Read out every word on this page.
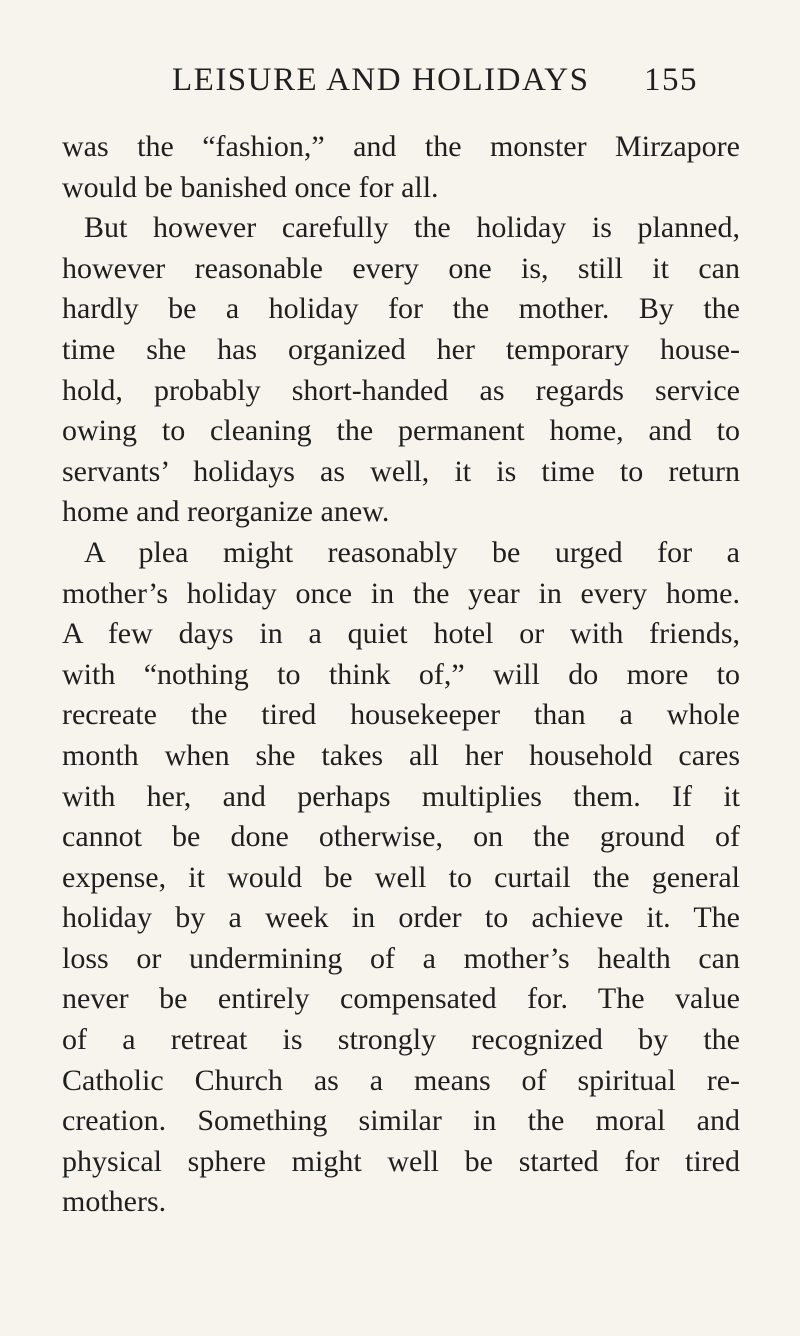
LEISURE AND HOLIDAYS 155
was the “fashion,” and the monster Mirzapore
would be banished once for all.
But however carefully the holiday is planned,
however reasonable every one is, still it can
hardly be a holiday for the mother. By the
time she has organized her temporary house-
hold, probably short-handed as regards service
owing to cleaning the permanent home, and to
servants’ holidays as well, it is time to return
home and reorganize anew.
A plea might reasonably be urged for a
mother’s holiday once in the year in every home.
A few days in a quiet hotel or with friends,
with “nothing to think of,” will do more to
recreate the tired housekeeper than a whole
month when she takes all her household cares
with her, and perhaps multiplies them. If it
cannot be done otherwise, on the ground of
expense, it would be well to curtail the general
holiday by a week in order to achieve it. The
loss or undermining of a mother’s health can
never be entirely compensated for. The value
of a retreat is strongly recognized by the
Catholic Church as a means of spiritual re-
creation. Something similar in the moral and
physical sphere might well be started for tired
mothers.
